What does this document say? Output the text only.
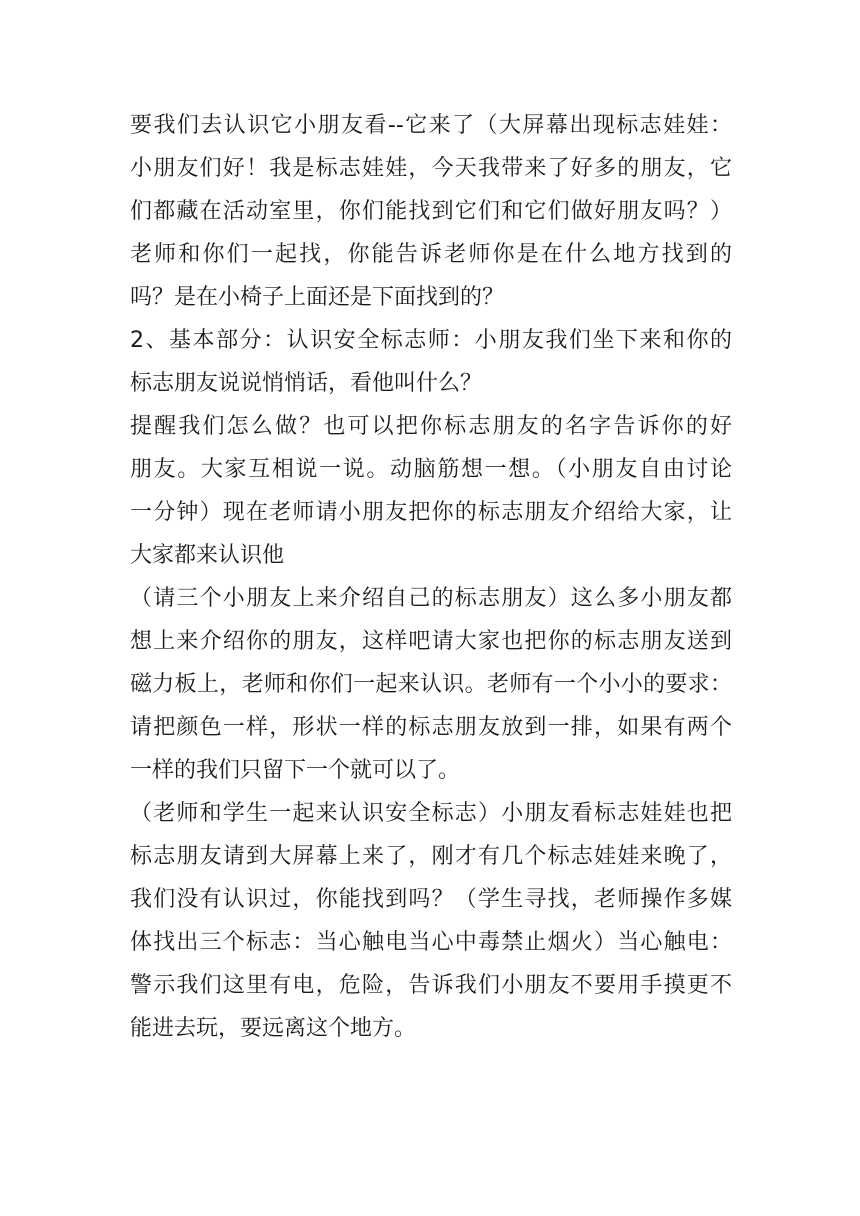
要我们去认识它小朋友看--它来了（大屏幕出现标志娃娃：
小朋友们好！我是标志娃娃，今天我带来了好多的朋友，它
们都藏在活动室里，你们能找到它们和它们做好朋友吗？）
老师和你们一起找，你能告诉老师你是在什么地方找到的
吗？是在小椅子上面还是下面找到的？
2、基本部分：认识安全标志师：小朋友我们坐下来和你的
标志朋友说说悄悄话，看他叫什么？
提醒我们怎么做？也可以把你标志朋友的名字告诉你的好
朋友。大家互相说一说。动脑筋想一想。（小朋友自由讨论
一分钟）现在老师请小朋友把你的标志朋友介绍给大家，让
大家都来认识他
（请三个小朋友上来介绍自己的标志朋友）这么多小朋友都
想上来介绍你的朋友，这样吧请大家也把你的标志朋友送到
磁力板上，老师和你们一起来认识。老师有一个小小的要求：
请把颜色一样，形状一样的标志朋友放到一排，如果有两个
一样的我们只留下一个就可以了。
（老师和学生一起来认识安全标志）小朋友看标志娃娃也把
标志朋友请到大屏幕上来了，刚才有几个标志娃娃来晚了，
我们没有认识过，你能找到吗？（学生寻找，老师操作多媒
体找出三个标志：当心触电当心中毒禁止烟火）当心触电：
警示我们这里有电，危险，告诉我们小朋友不要用手摸更不
能进去玩，要远离这个地方。
